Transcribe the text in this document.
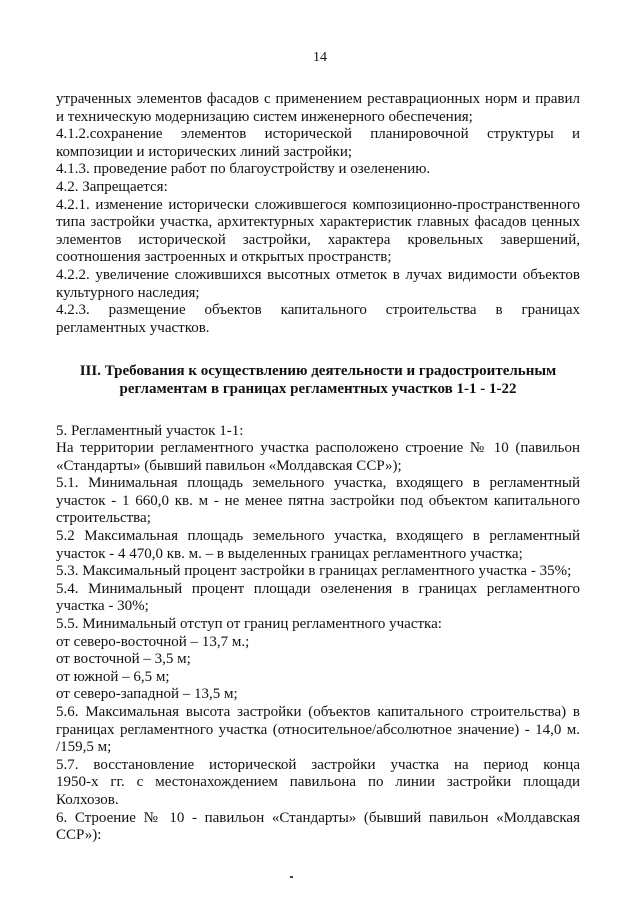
14

утраченных элементов фасадов с применением реставрационных норм и правил

и техническую модернизацию систем инженерного обеспечения;

4.1.2.сохранение элементов исторической планировочной структуры и

композиции и исторических линий застройки;

4.1.3. проведение работ по благоустройству и озеленению.

4.2. Запрещается:

4.2.1. изменение исторически сложившегося композиционно-пространственного

типа застройки участка, архитектурных характеристик главных фасадов ценных

элементов исторической застройки, характера кровельных завершений,

соотношения застроенных и открытых пространств;

4.2.2. увеличение сложившихся высотных отметок в лучах видимости объектов

культурного наследия;

4.2.3. размещение объектов капитального строительства в границах

регламентных участков.

III. Требования к осуществлению деятельности и градостроительным
регламентам в границах регламентных участков 1-1 - 1-22

5. Регламентный участок 1-1:

На территории регламентного участка расположено строение № 10 (павильон

«Стандарты» (бывший павильон «Молдавская ССР»);

5.1. Минимальная площадь земельного участка, входящего в регламентный

участок - 1 660,0 кв. м - не менее пятна застройки под объектом капитального

строительства;

5.2 Максимальная площадь земельного участка, входящего в регламентный

участок - 4 470,0 кв. м. – в выделенных границах регламентного участка;

5.3. Максимальный процент застройки в границах регламентного участка - 35%;

5.4. Минимальный процент площади озеленения в границах регламентного

участка - 30%;

5.5. Минимальный отступ от границ регламентного участка:

от северо-восточной – 13,7 м.;

от восточной – 3,5 м;

от южной – 6,5 м;

от северо-западной – 13,5 м;

5.6. Максимальная высота застройки (объектов капитального строительства) в

границах регламентного участка (относительное/абсолютное значение) - 14,0 м.

/159,5 м;

5.7. восстановление исторической застройки участка на период конца

1950-х гг. с местонахождением павильона по линии застройки площади

Колхозов.

6. Строение № 10 - павильон «Стандарты» (бывший павильон «Молдавская

ССР»):
